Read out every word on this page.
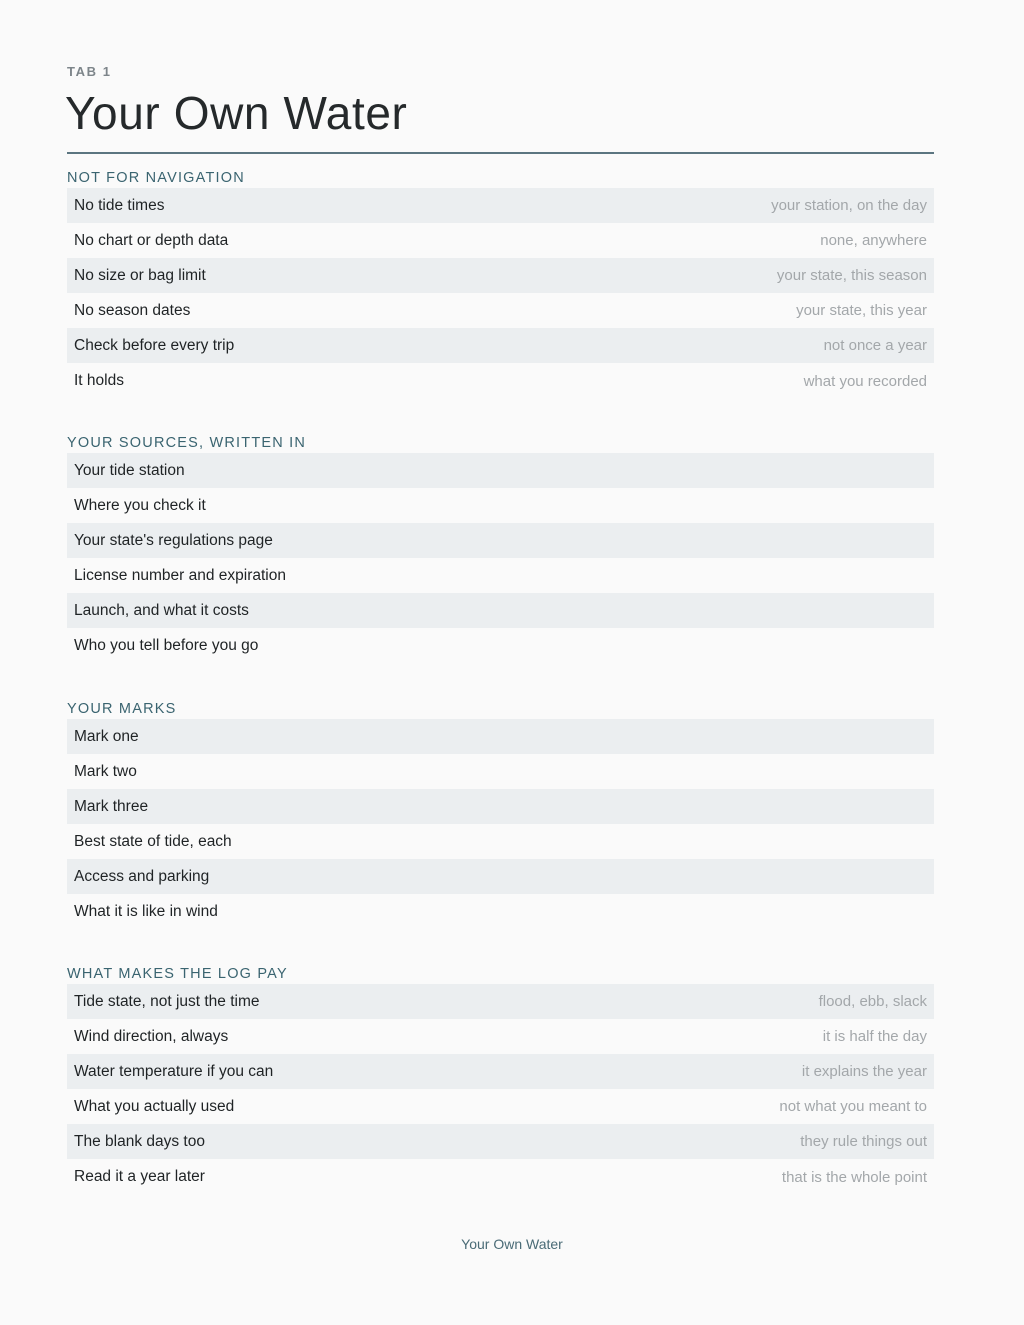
TAB 1
Your Own Water
NOT FOR NAVIGATION
No tide times	your station, on the day
No chart or depth data	none, anywhere
No size or bag limit	your state, this season
No season dates	your state, this year
Check before every trip	not once a year
It holds	what you recorded
YOUR SOURCES, WRITTEN IN
Your tide station
Where you check it
Your state's regulations page
License number and expiration
Launch, and what it costs
Who you tell before you go
YOUR MARKS
Mark one
Mark two
Mark three
Best state of tide, each
Access and parking
What it is like in wind
WHAT MAKES THE LOG PAY
Tide state, not just the time	flood, ebb, slack
Wind direction, always	it is half the day
Water temperature if you can	it explains the year
What you actually used	not what you meant to
The blank days too	they rule things out
Read it a year later	that is the whole point
Your Own Water
